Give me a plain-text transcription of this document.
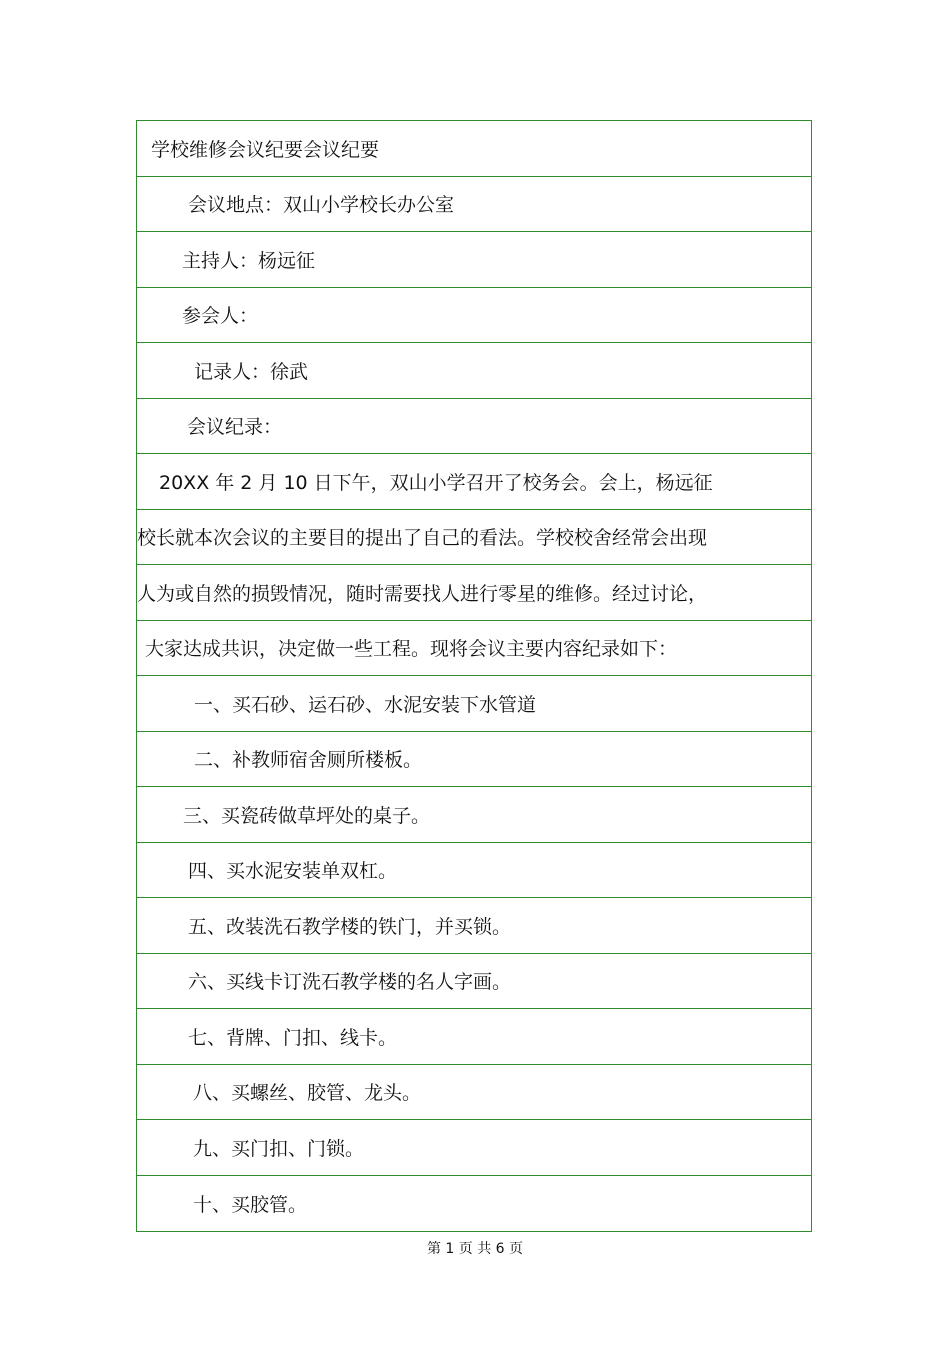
学校维修会议纪要会议纪要
会议地点：双山小学校长办公室
主持人：杨远征
参会人：
记录人：徐武
会议纪录：
20XX 年 2 月 10 日下午，双山小学召开了校务会。会上，杨远征
校长就本次会议的主要目的提出了自己的看法。学校校舍经常会出现
人为或自然的损毁情况，随时需要找人进行零星的维修。经过讨论，
大家达成共识，决定做一些工程。现将会议主要内容纪录如下：
一、买石砂、运石砂、水泥安装下水管道
二、补教师宿舍厕所楼板。
三、买瓷砖做草坪处的桌子。
四、买水泥安装单双杠。
五、改装洗石教学楼的铁门，并买锁。
六、买线卡订洗石教学楼的名人字画。
七、背牌、门扣、线卡。
八、买螺丝、胶管、龙头。
九、买门扣、门锁。
十、买胶管。
第 1 页 共 6 页
